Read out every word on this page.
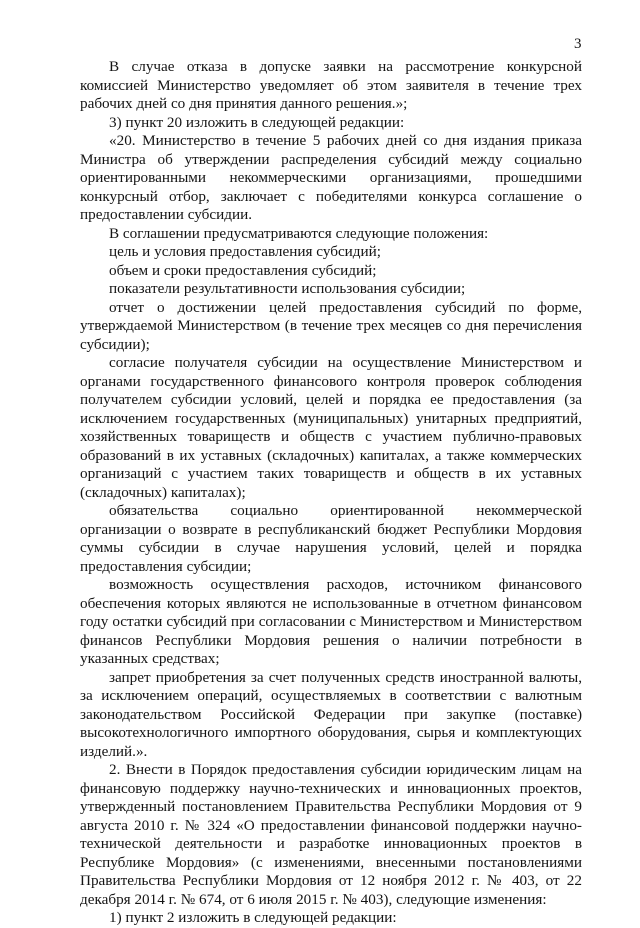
3

В случае отказа в допуске заявки на рассмотрение конкурсной комиссией Министерство уведомляет об этом заявителя в течение трех рабочих дней со дня принятия данного решения.»;

3) пункт 20 изложить в следующей редакции:

«20. Министерство в течение 5 рабочих дней со дня издания приказа Министра об утверждении распределения субсидий между социально ориентированными некоммерческими организациями, прошедшими конкурсный отбор, заключает с победителями конкурса соглашение о предоставлении субсидии.

В соглашении предусматриваются следующие положения:

цель и условия предоставления субсидий;

объем и сроки предоставления субсидий;

показатели результативности использования субсидии;

отчет о достижении целей предоставления субсидий по форме, утверждаемой Министерством (в течение трех месяцев со дня перечисления субсидии);

согласие получателя субсидии на осуществление Министерством и органами государственного финансового контроля проверок соблюдения получателем субсидии условий, целей и порядка ее предоставления (за исключением государственных (муниципальных) унитарных предприятий, хозяйственных товариществ и обществ с участием публично-правовых образований в их уставных (складочных) капиталах, а также коммерческих организаций с участием таких товариществ и обществ в их уставных (складочных) капиталах);

обязательства социально ориентированной некоммерческой организации о возврате в республиканский бюджет Республики Мордовия суммы субсидии в случае нарушения условий, целей и порядка предоставления субсидии;

возможность осуществления расходов, источником финансового обеспечения которых являются не использованные в отчетном финансовом году остатки субсидий при согласовании с Министерством и Министерством финансов Республики Мордовия решения о наличии потребности в указанных средствах;

запрет приобретения за счет полученных средств иностранной валюты, за исключением операций, осуществляемых в соответствии с валютным законодательством Российской Федерации при закупке (поставке) высокотехнологичного импортного оборудования, сырья и комплектующих изделий.».

2. Внести в Порядок предоставления субсидии юридическим лицам на финансовую поддержку научно-технических и инновационных проектов, утвержденный постановлением Правительства Республики Мордовия от 9 августа 2010 г. № 324 «О предоставлении финансовой поддержки научно-технической деятельности и разработке инновационных проектов в Республике Мордовия» (с изменениями, внесенными постановлениями Правительства Республики Мордовия от 12 ноября 2012 г. № 403, от 22 декабря 2014 г. № 674, от 6 июля 2015 г. № 403), следующие изменения:

1) пункт 2 изложить в следующей редакции:
